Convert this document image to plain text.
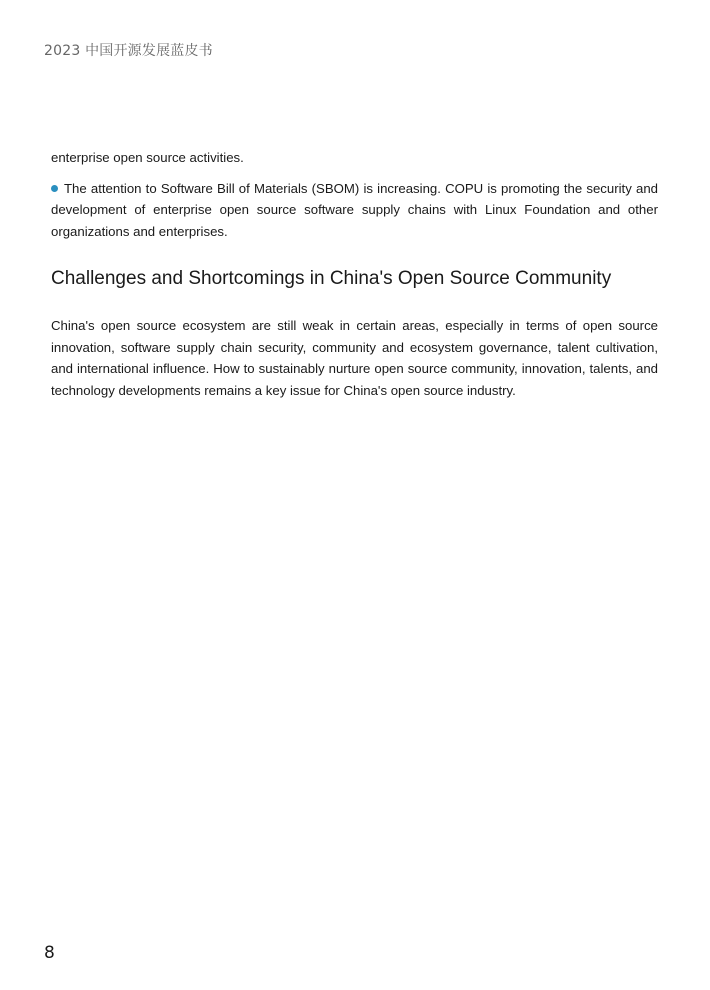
2023 中国开源发展蓝皮书

enterprise open source activities.

The attention to Software Bill of Materials (SBOM) is increasing. COPU is promoting the security and development of enterprise open source software supply chains with Linux Foundation and other organizations and enterprises.

Challenges and Shortcomings in China's Open Source Community

China's open source ecosystem are still weak in certain areas, especially in terms of open source innovation, software supply chain security, community and ecosystem governance, talent cultivation, and international influence. How to sustainably nurture open source community, innovation, talents, and technology developments remains a key issue for China's open source industry.

8
